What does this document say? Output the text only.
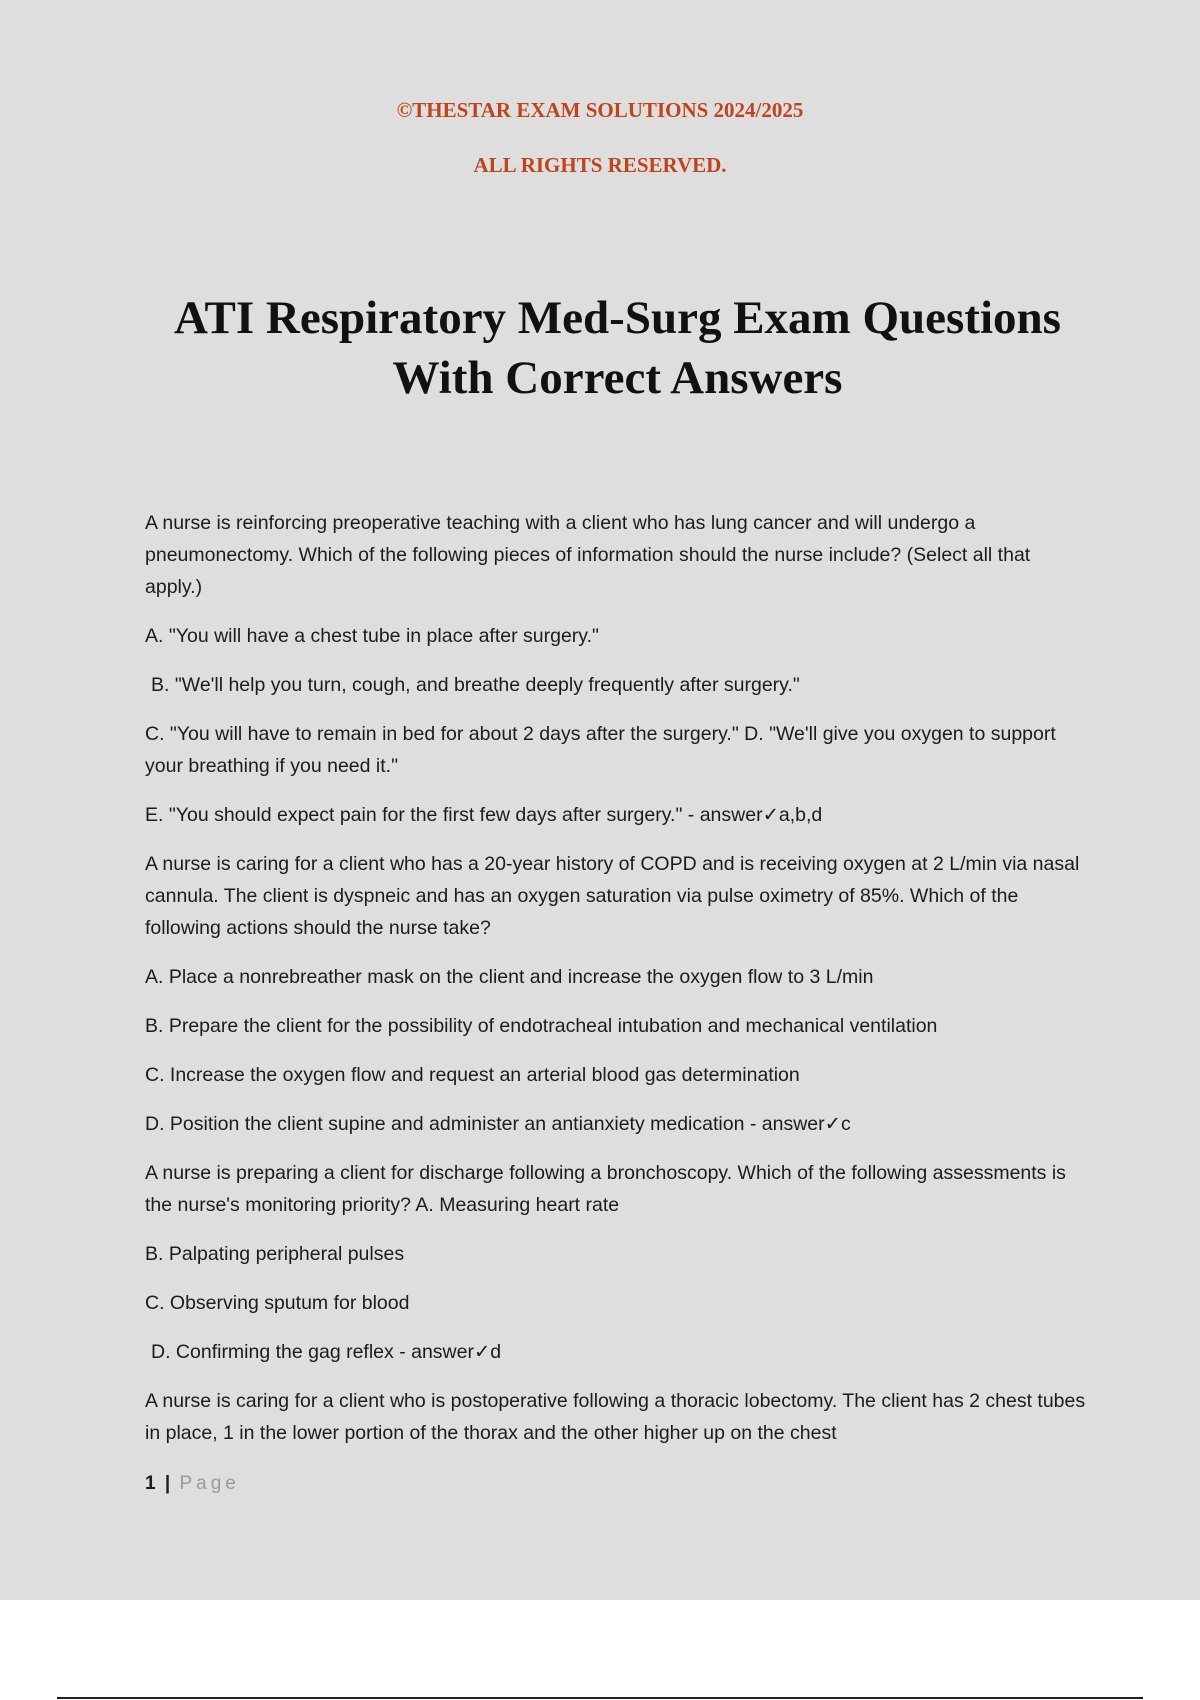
©THESTAR EXAM SOLUTIONS 2024/2025
ALL RIGHTS RESERVED.
ATI Respiratory Med-Surg Exam Questions
With Correct Answers

A nurse is reinforcing preoperative teaching with a client who has lung cancer and will undergo a pneumonectomy. Which of the following pieces of information should the nurse include? (Select all that apply.)

A. "You will have a chest tube in place after surgery."

B. "We'll help you turn, cough, and breathe deeply frequently after surgery."

C. "You will have to remain in bed for about 2 days after the surgery." D. "We'll give you oxygen to support your breathing if you need it."

E. "You should expect pain for the first few days after surgery." - answer✓a,b,d

A nurse is caring for a client who has a 20-year history of COPD and is receiving oxygen at 2 L/min via nasal cannula. The client is dyspneic and has an oxygen saturation via pulse oximetry of 85%. Which of the following actions should the nurse take?

A. Place a nonrebreather mask on the client and increase the oxygen flow to 3 L/min

B. Prepare the client for the possibility of endotracheal intubation and mechanical ventilation

C. Increase the oxygen flow and request an arterial blood gas determination

D. Position the client supine and administer an antianxiety medication - answer✓c

A nurse is preparing a client for discharge following a bronchoscopy. Which of the following assessments is the nurse's monitoring priority? A. Measuring heart rate

B. Palpating peripheral pulses

C. Observing sputum for blood

D. Confirming the gag reflex - answer✓d

A nurse is caring for a client who is postoperative following a thoracic lobectomy. The client has 2 chest tubes in place, 1 in the lower portion of the thorax and the other higher up on the chest

1 | Page
